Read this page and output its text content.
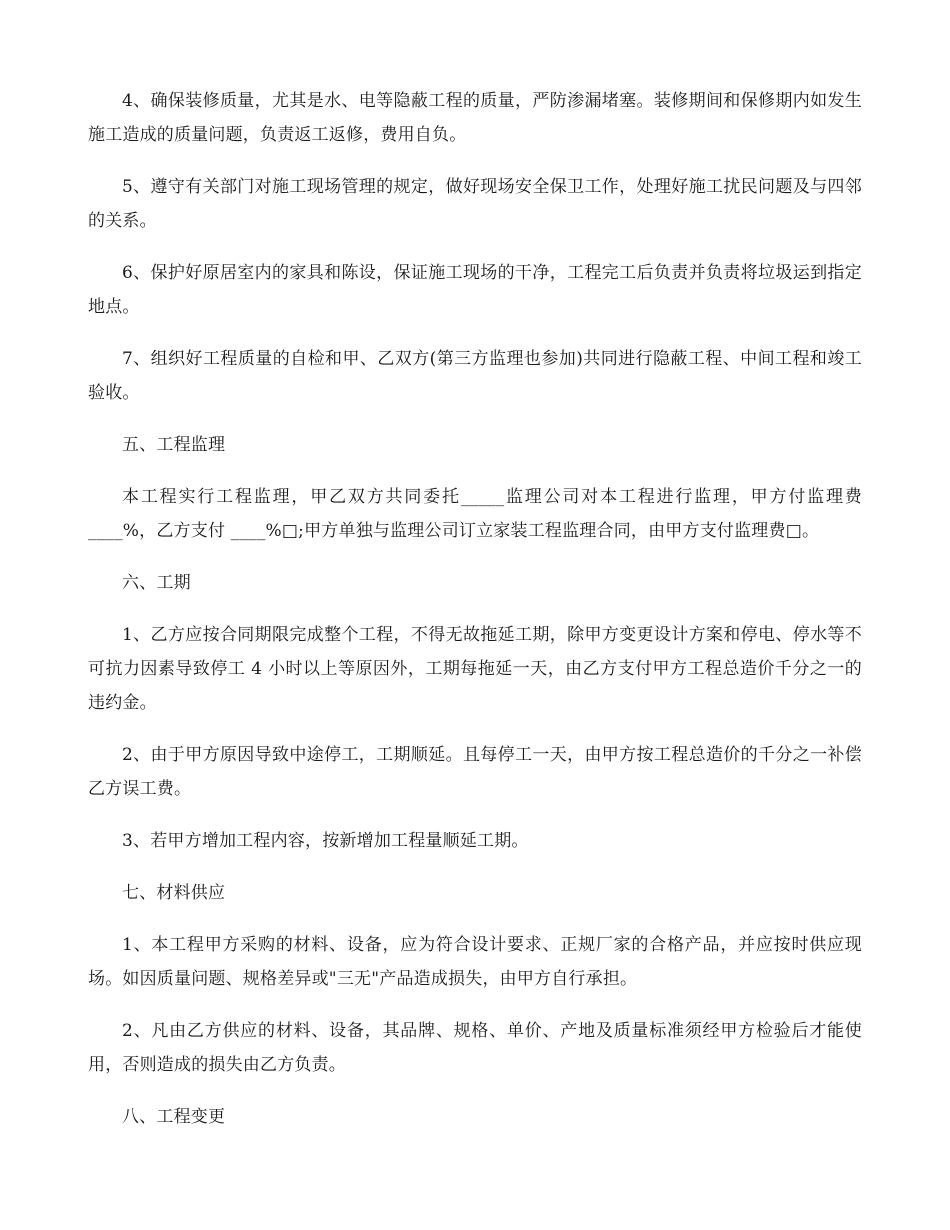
4、确保装修质量，尤其是水、电等隐蔽工程的质量，严防渗漏堵塞。装修期间和保修期内如发生施工造成的质量问题，负责返工返修，费用自负。

5、遵守有关部门对施工现场管理的规定，做好现场安全保卫工作，处理好施工扰民问题及与四邻的关系。

6、保护好原居室内的家具和陈设，保证施工现场的干净，工程完工后负责并负责将垃圾运到指定地点。

7、组织好工程质量的自检和甲、乙双方(第三方监理也参加)共同进行隐蔽工程、中间工程和竣工验收。

五、工程监理

本工程实行工程监理，甲乙双方共同委托_____监理公司对本工程进行监理，甲方付监理费____%，乙方支付 ____%□;甲方单独与监理公司订立家装工程监理合同，由甲方支付监理费□。

六、工期

1、乙方应按合同期限完成整个工程，不得无故拖延工期，除甲方变更设计方案和停电、停水等不可抗力因素导致停工 4 小时以上等原因外，工期每拖延一天，由乙方支付甲方工程总造价千分之一的违约金。

2、由于甲方原因导致中途停工，工期顺延。且每停工一天，由甲方按工程总造价的千分之一补偿乙方误工费。

3、若甲方增加工程内容，按新增加工程量顺延工期。

七、材料供应

1、本工程甲方采购的材料、设备，应为符合设计要求、正规厂家的合格产品，并应按时供应现场。如因质量问题、规格差异或"三无"产品造成损失，由甲方自行承担。

2、凡由乙方供应的材料、设备，其品牌、规格、单价、产地及质量标准须经甲方检验后才能使用，否则造成的损失由乙方负责。

八、工程变更
